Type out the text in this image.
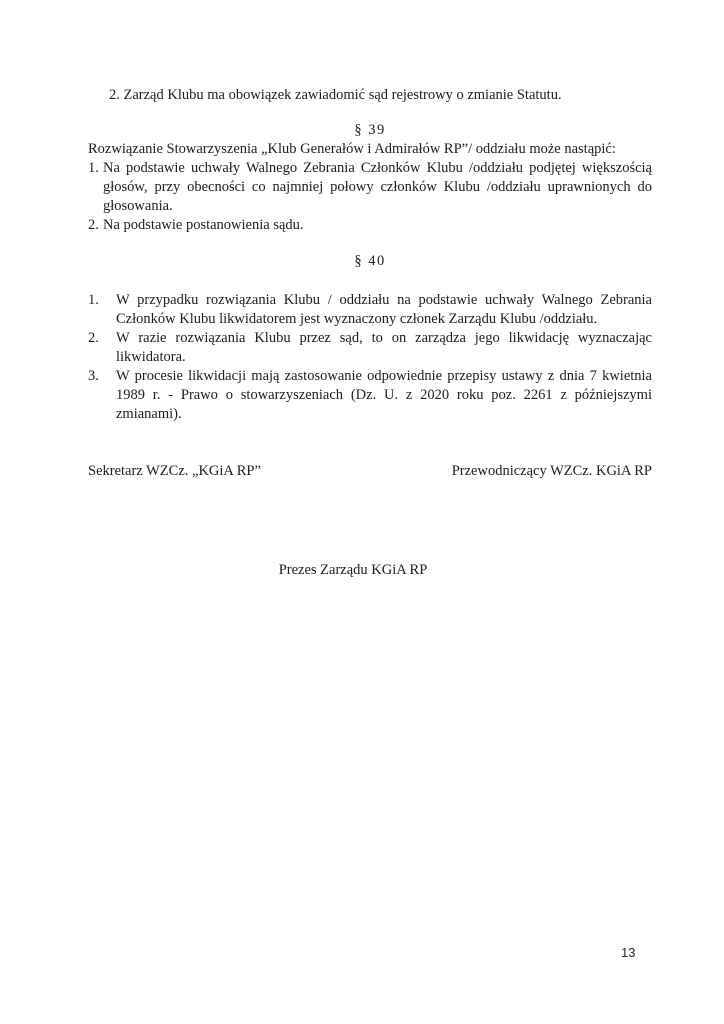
2. Zarząd Klubu ma obowiązek zawiadomić sąd rejestrowy o zmianie Statutu.

§ 39

Rozwiązanie Stowarzyszenia „Klub Generałów i Admirałów RP”/ oddziału może nastąpić:

1. Na podstawie uchwały Walnego Zebrania Członków Klubu /oddziału podjętej większością głosów, przy obecności co najmniej połowy członków Klubu /oddziału uprawnionych do głosowania.
2. Na podstawie postanowienia sądu.

§ 40

1. W przypadku rozwiązania Klubu / oddziału na podstawie uchwały Walnego Zebrania Członków Klubu likwidatorem jest wyznaczony członek Zarządu Klubu /oddziału.
2. W razie rozwiązania Klubu przez sąd, to on zarządza jego likwidację wyznaczając likwidatora.
3. W procesie likwidacji mają zastosowanie odpowiednie przepisy ustawy z dnia 7 kwietnia 1989 r. - Prawo o stowarzyszeniach (Dz. U. z 2020 roku poz. 2261 z późniejszymi zmianami).
Sekretarz WZCz. „KGiA RP”	Przewodniczący WZCz. KGiA RP

Prezes Zarządu KGiA RP

13
